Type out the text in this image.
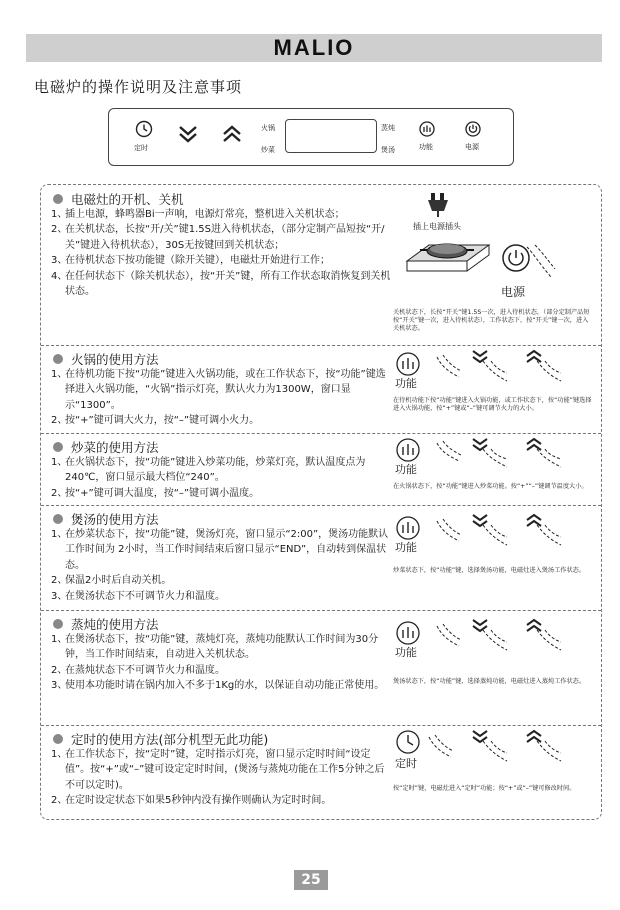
MALIO
电磁炉的操作说明及注意事项
定时
火锅
炒菜
蒸炖
煲汤	功能	电源
电磁灶的开机、关机
1、
插上电源，蜂鸣器Bi一声响，电源灯常亮，整机进入关机状态；
2、
在关机状态，长按“开/关”键1.5S进入待机状态，（部分定制产品短按“开/关”键进入待机状态），30S无按键回到关机状态；
3、
在待机状态下按功能键（除开关键），电磁灶开始进行工作；
4、
在任何状态下（除关机状态），按“开关”键，所有工作状态取消恢复到关机状态。
插上电源插头
电源
关机状态下，长按“开关”键1.5S一次，进入待机状态，（部分定制产品短按“开关”键一次，进入待机状态），工作状态下，按“开关”键一次，进入关机状态。
火锅的使用方法
1、
在待机功能下按“功能”键进入火锅功能，或在工作状态下，按“功能”键选择进入火锅功能，“火锅”指示灯亮，默认火力为1300W，窗口显示“1300”。
2、
按“+”键可调大火力，按“–”键可调小火力。
功能
在待机功能下按“功能”键进入火锅功能，或工作状态下，按“功能”键选择进入火锅功能，按“+”键或“–”键可调节火力的大小。
炒菜的使用方法
1、
在火锅状态下，按“功能”键进入炒菜功能，炒菜灯亮，默认温度点为240℃，窗口显示最大档位“240”。
2、
按“+”键可调大温度，按“–”键可调小温度。
功能
在火锅状态下，按“功能”键进入炒菜功能。按“+”“–”键调节温度大小。
煲汤的使用方法
1、
在炒菜状态下，按“功能”键，煲汤灯亮，窗口显示“2:00”，煲汤功能默认工作时间为 2小时，当工作时间结束后窗口显示“END”，自动转到保温状态。
2、
保温2小时后自动关机。
3、
在煲汤状态下不可调节火力和温度。
功能
炒菜状态下，按“功能”键，选择煲汤功能，电磁灶进入煲汤工作状态。
蒸炖的使用方法
1、
在煲汤状态下，按“功能”键，蒸炖灯亮，蒸炖功能默认工作时间为30分钟，当工作时间结束，自动进入关机状态。
2、
在蒸炖状态下不可调节火力和温度。
3、
使用本功能时请在锅内加入不多于1Kg的水，以保证自动功能正常使用。
功能
煲汤状态下，按“功能”键，选择蒸炖功能，电磁灶进入蒸炖工作状态。
定时的使用方法(部分机型无此功能)
1、
在工作状态下，按“定时”键，定时指示灯亮，窗口显示定时时间“设定值”。按“+”或“–”键可设定定时时间，(煲汤与蒸炖功能在工作5分钟之后不可以定时)。
2、
在定时设定状态下如果5秒钟内没有操作则确认为定时时间。
定时
按“定时”键，电磁灶进入“定时”功能；按“+”或“–”键可修改时间。
25
